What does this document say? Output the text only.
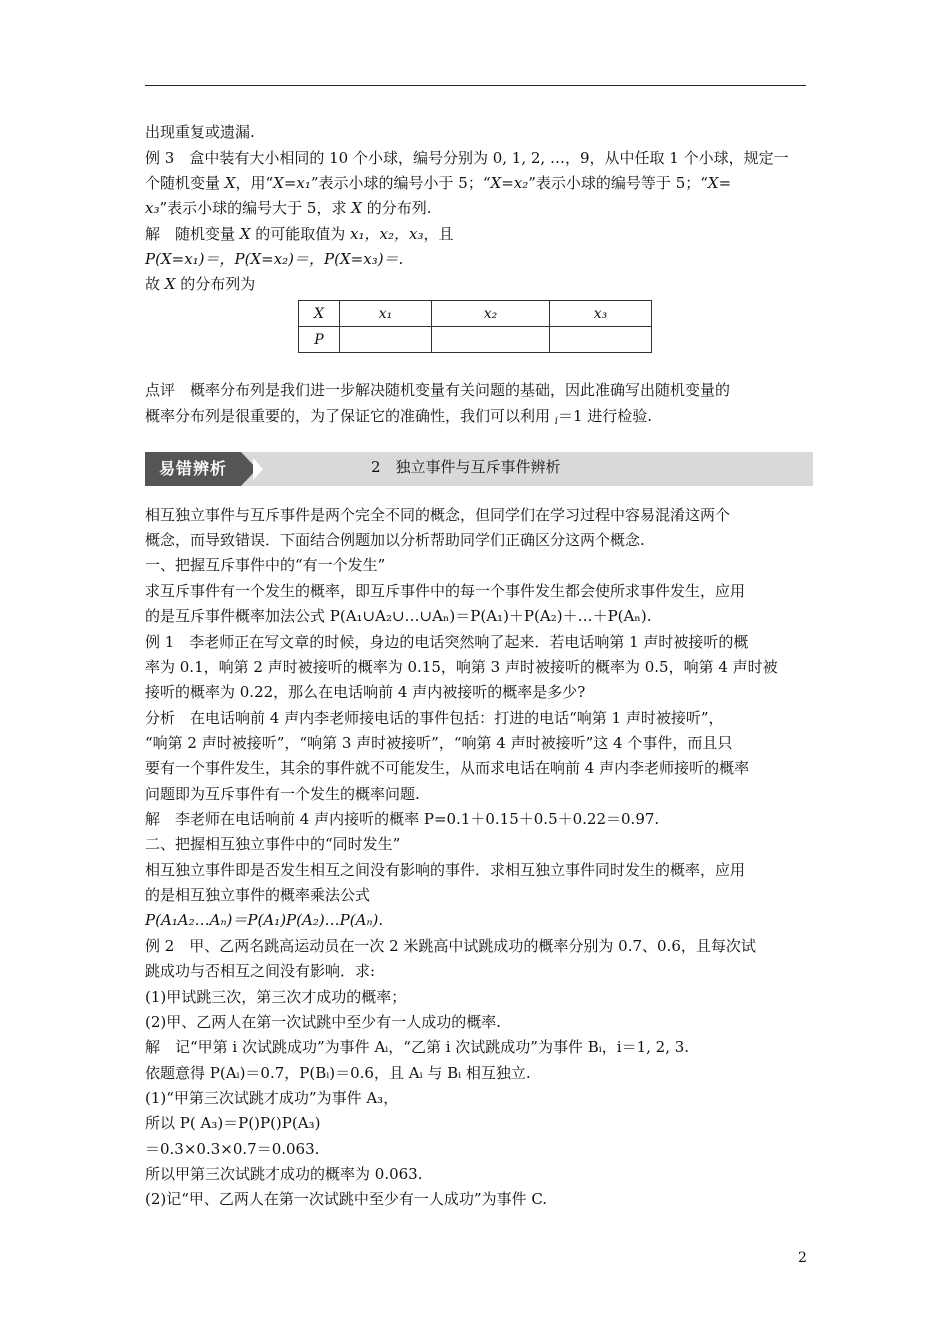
出现重复或遗漏.
例 3　 盒中装有大小相同的 10 个小球，编号分别为 0, 1, 2, …，9，从中任取 1 个小球，规定一
个随机变量 X，用“X=x₁”表示小球的编号小于 5；“X=x₂”表示小球的编号等于 5；“X=
x₃”表示小球的编号大于 5，求 X 的分布列.
解　 随机变量 X 的可能取值为 x₁，x₂，x₃，且
P(X=x₁)＝，P(X=x₂)＝，P(X=x₃)＝.
故 X 的分布列为
X	x₁	x₂	x₃
P			
点评　 概率分布列是我们进一步解决随机变量有关问题的基础，因此准确写出随机变量的
概率分布列是很重要的，为了保证它的准确性，我们可以利用 $_i$＝1 进行检验.
易错辨析	2　独立事件与互斥事件辨析
相互独立事件与互斥事件是两个完全不同的概念，但同学们在学习过程中容易混淆这两个
概念，而导致错误．下面结合例题加以分析帮助同学们正确区分这两个概念.
一、把握互斥事件中的“有一个发生”
求互斥事件有一个发生的概率，即互斥事件中的每一个事件发生都会使所求事件发生，应用
的是互斥事件概率加法公式 P(A₁∪A₂∪…∪Aₙ)＝P(A₁)＋P(A₂)＋…＋P(Aₙ).
例 1　李老师正在写文章的时候，身边的电话突然响了起来．若电话响第 1 声时被接听的概
率为 0.1，响第 2 声时被接听的概率为 0.15，响第 3 声时被接听的概率为 0.5，响第 4 声时被
接听的概率为 0.22，那么在电话响前 4 声内被接听的概率是多少?
分析　在电话响前 4 声内李老师接电话的事件包括：打进的电话“响第 1 声时被接听”，
“响第 2 声时被接听”，“响第 3 声时被接听”，“响第 4 声时被接听”这 4 个事件，而且只
要有一个事件发生，其余的事件就不可能发生，从而求电话在响前 4 声内李老师接听的概率
问题即为互斥事件有一个发生的概率问题.
解　李老师在电话响前 4 声内接听的概率 P=0.1＋0.15＋0.5＋0.22＝0.97.
二、把握相互独立事件中的“同时发生”
相互独立事件即是否发生相互之间没有影响的事件．求相互独立事件同时发生的概率，应用
的是相互独立事件的概率乘法公式
P(A₁A₂…Aₙ)＝P(A₁)P(A₂)…P(Aₙ).
例 2　甲、乙两名跳高运动员在一次 2 米跳高中试跳成功的概率分别为 0.7、0.6，且每次试
跳成功与否相互之间没有影响．求:
(1)甲试跳三次，第三次才成功的概率；
(2)甲、乙两人在第一次试跳中至少有一人成功的概率.
解　记“甲第 i 次试跳成功”为事件 Aᵢ，“乙第 i 次试跳成功”为事件 Bᵢ，i＝1, 2, 3.
依题意得 P(Aᵢ)＝0.7，P(Bᵢ)＝0.6，且 Aᵢ 与 Bᵢ 相互独立.
(1)“甲第三次试跳才成功”为事件 A₃，
所以 P( A₃)＝P()P()P(A₃)
＝0.3×0.3×0.7＝0.063.
所以甲第三次试跳才成功的概率为 0.063.
(2)记“甲、乙两人在第一次试跳中至少有一人成功”为事件 C.
2
